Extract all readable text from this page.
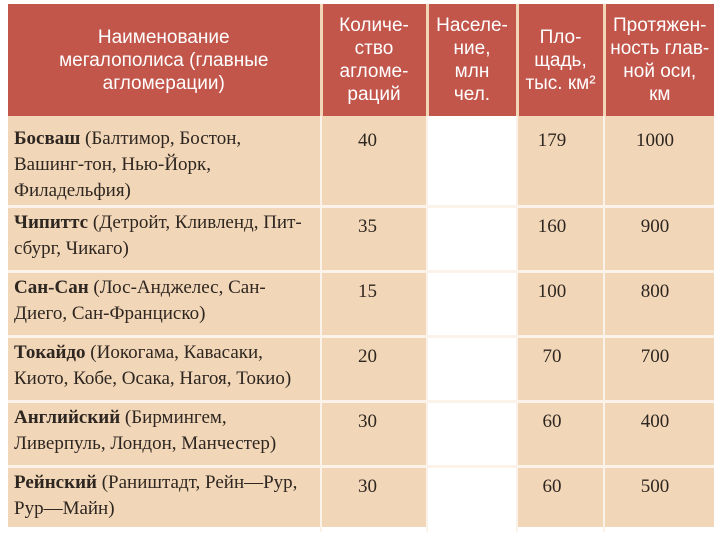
Наименование
мегалополиса (главные
агломерации)	Количе-
ство
агломе-
раций	Населе-
ние,
млн
чел.	Пло-
щадь,
тыс. км²	Протяжен-
ность глав-
ной оси,
км

Босваш (Балтимор, Бостон, Вашинг-тон, Нью-Йорк, Филадельфия)	40		179	1000
Чипиттс (Детройт, Кливленд, Пит-сбург, Чикаго)	35		160	900
Сан-Сан (Лос-Анджелес, Сан-Диего, Сан-Франциско)	15		100	800
Токайдо (Иокогама, Кавасаки, Киото, Кобе, Осака, Нагоя, Токио)	20		70	700
Английский (Бирмингем, Ливерпуль, Лондон, Манчестер)	30		60	400
Рейнский (Раништадт, Рейн—Рур, Рур—Майн)	30		60	500
